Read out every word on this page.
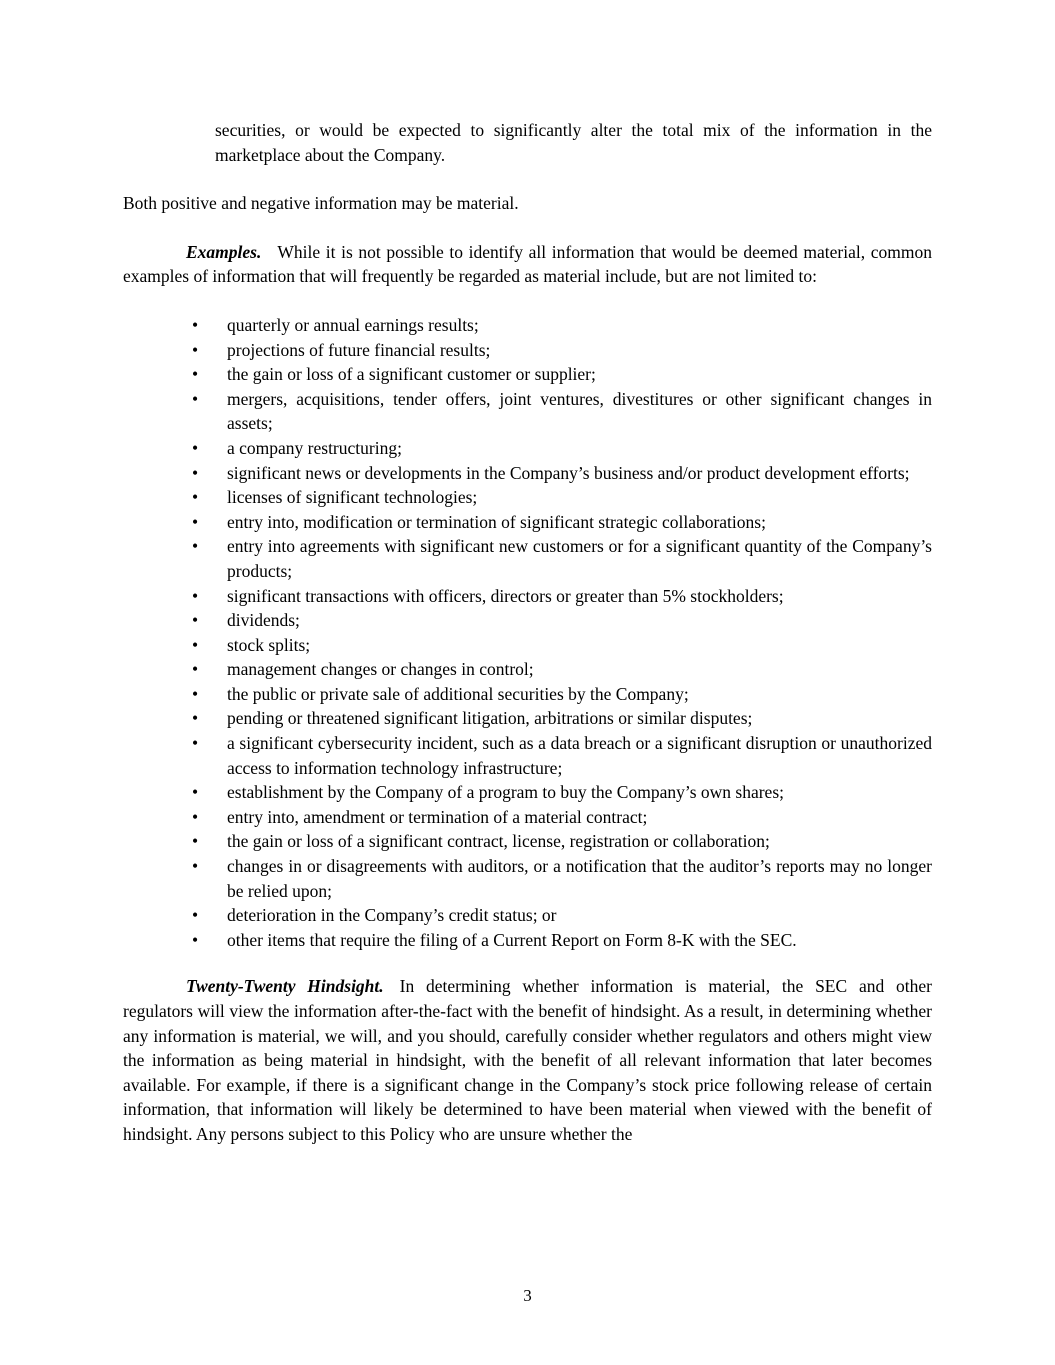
securities, or would be expected to significantly alter the total mix of the information in the marketplace about the Company.

Both positive and negative information may be material.

Examples. While it is not possible to identify all information that would be deemed material, common examples of information that will frequently be regarded as material include, but are not limited to:

• quarterly or annual earnings results;
• projections of future financial results;
• the gain or loss of a significant customer or supplier;
• mergers, acquisitions, tender offers, joint ventures, divestitures or other significant changes in assets;
• a company restructuring;
• significant news or developments in the Company’s business and/or product development efforts;
• licenses of significant technologies;
• entry into, modification or termination of significant strategic collaborations;
• entry into agreements with significant new customers or for a significant quantity of the Company’s products;
• significant transactions with officers, directors or greater than 5% stockholders;
• dividends;
• stock splits;
• management changes or changes in control;
• the public or private sale of additional securities by the Company;
• pending or threatened significant litigation, arbitrations or similar disputes;
• a significant cybersecurity incident, such as a data breach or a significant disruption or unauthorized access to information technology infrastructure;
• establishment by the Company of a program to buy the Company’s own shares;
• entry into, amendment or termination of a material contract;
• the gain or loss of a significant contract, license, registration or collaboration;
• changes in or disagreements with auditors, or a notification that the auditor’s reports may no longer be relied upon;
• deterioration in the Company’s credit status; or
• other items that require the filing of a Current Report on Form 8-K with the SEC.

Twenty-Twenty Hindsight. In determining whether information is material, the SEC and other regulators will view the information after-the-fact with the benefit of hindsight. As a result, in determining whether any information is material, we will, and you should, carefully consider whether regulators and others might view the information as being material in hindsight, with the benefit of all relevant information that later becomes available. For example, if there is a significant change in the Company’s stock price following release of certain information, that information will likely be determined to have been material when viewed with the benefit of hindsight. Any persons subject to this Policy who are unsure whether the

3
